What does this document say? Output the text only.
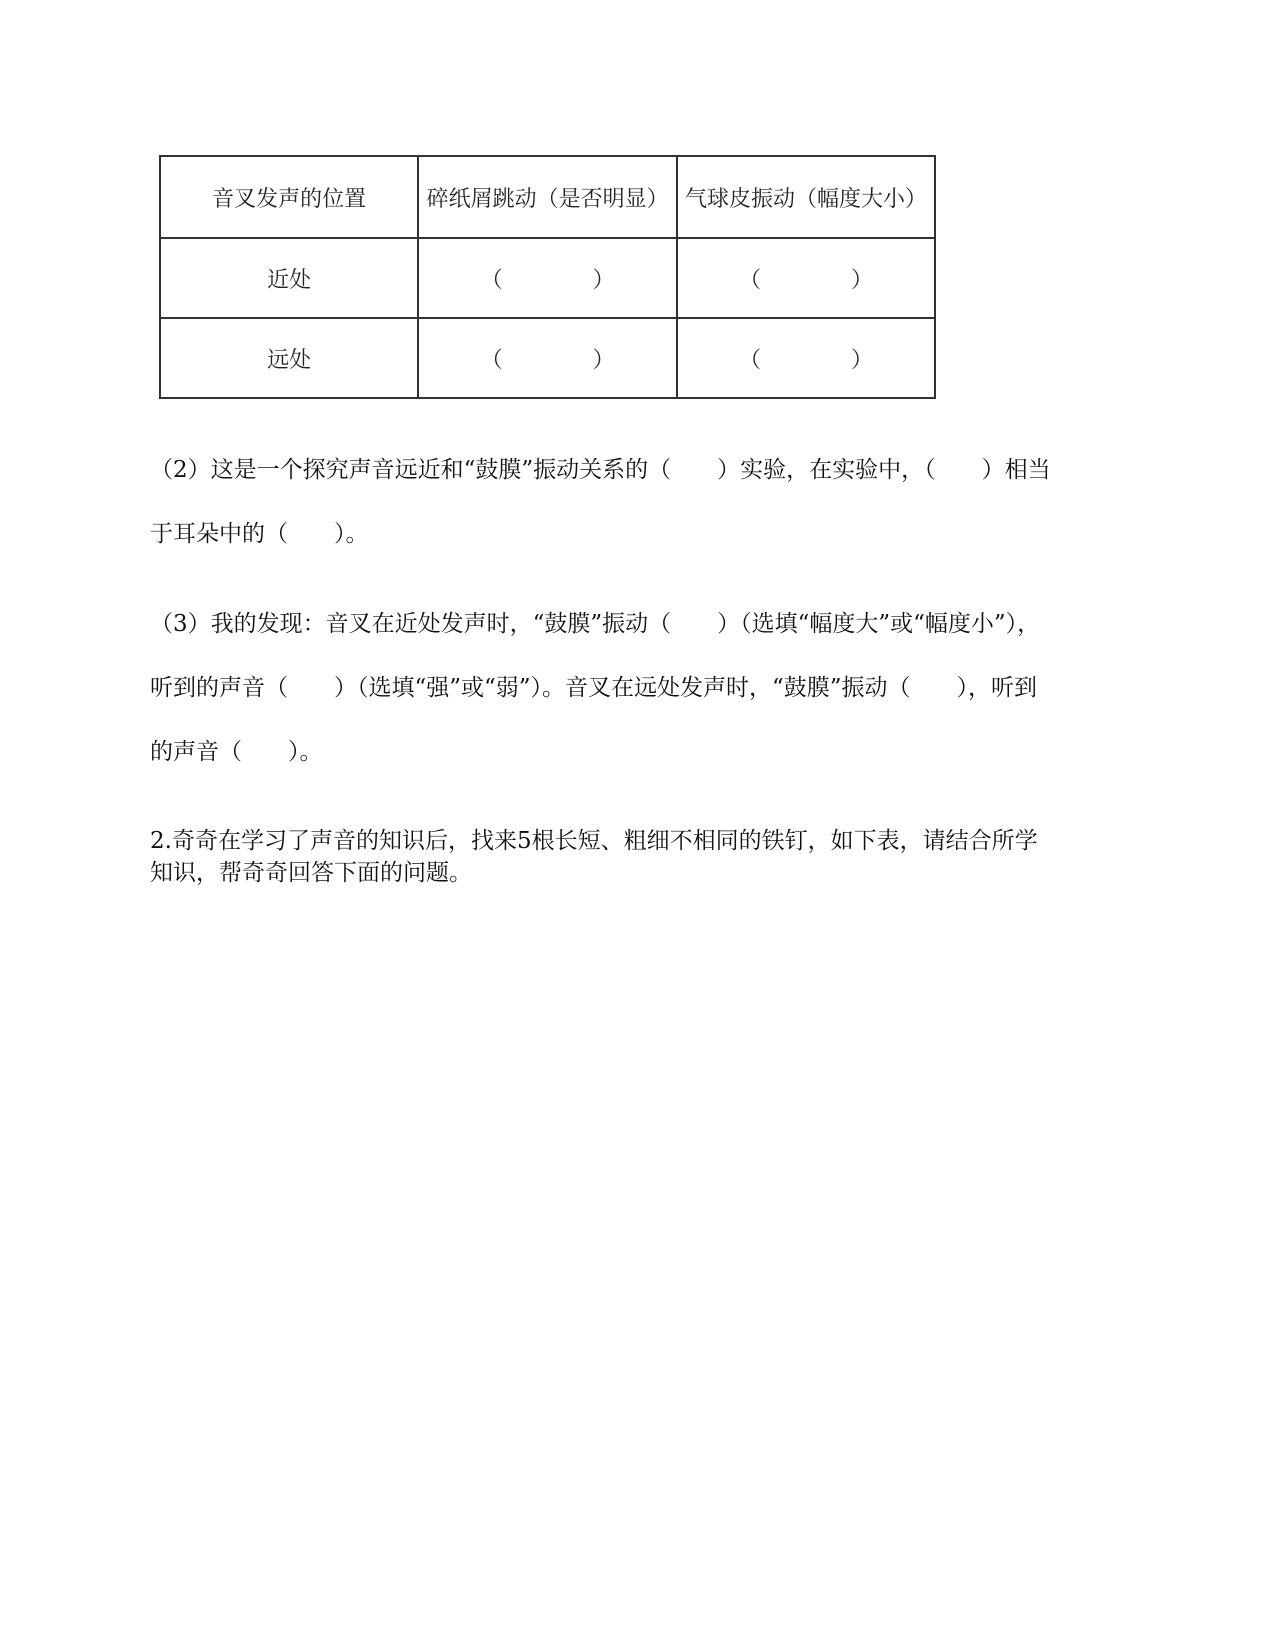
音叉发声的位置	碎纸屑跳动（是否明显）	气球皮振动（幅度大小）
近处	（ ）	（ ）
远处	（ ）	（ ）
（2）这是一个探究声音远近和“鼓膜”振动关系的（　　）实验，在实验中，（　　）相当
于耳朵中的（　　）。
（3）我的发现：音叉在近处发声时，“鼓膜”振动（　　）（选填“幅度大”或“幅度小”），
听到的声音（　　）（选填“强”或“弱”）。音叉在远处发声时，“鼓膜”振动（　　），听到
的声音（　　）。
2.奇奇在学习了声音的知识后，找来5根长短、粗细不相同的铁钉，如下表，请结合所学
知识，帮奇奇回答下面的问题。
